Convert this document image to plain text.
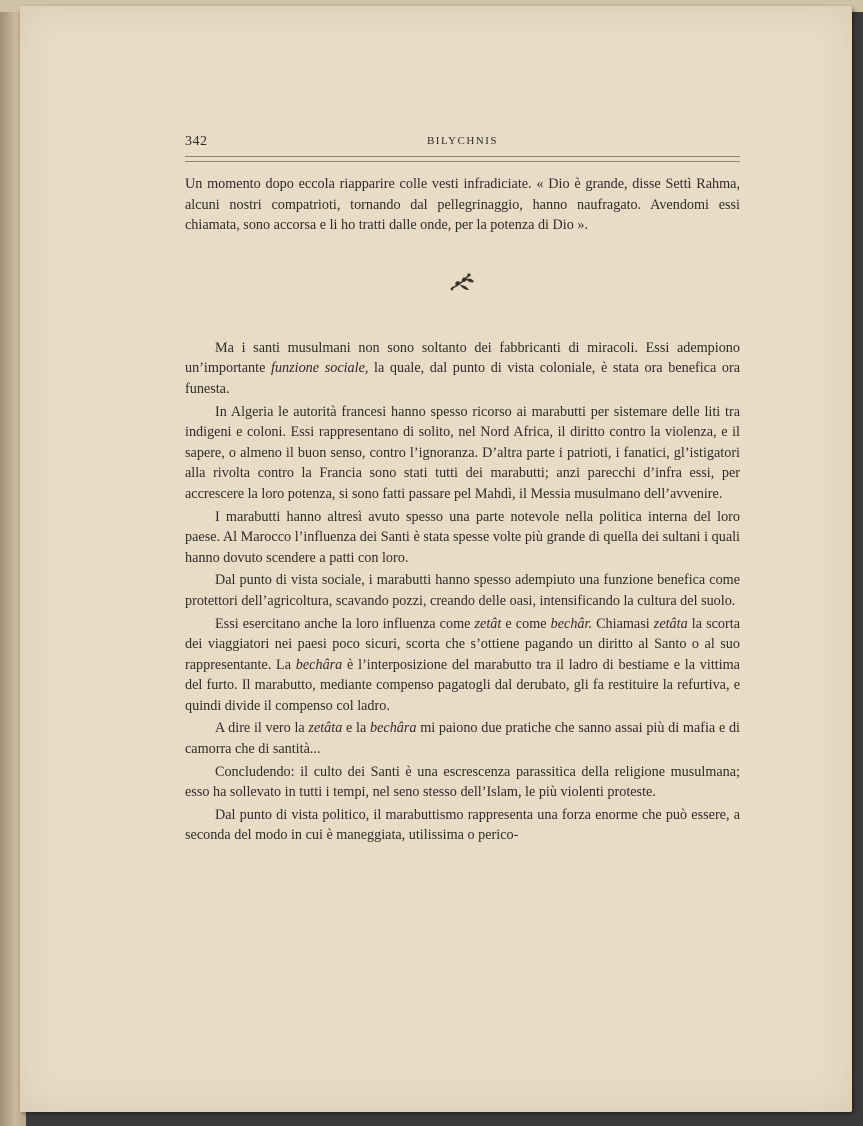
342	BILYCHNIS

Un momento dopo eccola riapparire colle vesti infradiciate. « Dio è grande, disse Settì Rahma, alcuni nostri compatrioti, tornando dal pellegrinaggio, hanno naufragato. Avendomi essi chiamata, sono accorsa e li ho tratti dalle onde, per la potenza di Dio ».

Ma i santi musulmani non sono soltanto dei fabbricanti di miracoli. Essi adempiono un’importante funzione sociale, la quale, dal punto di vista coloniale, è stata ora benefica ora funesta.

In Algeria le autorità francesi hanno spesso ricorso ai marabutti per sistemare delle liti tra indigeni e coloni. Essi rappresentano di solito, nel Nord Africa, il diritto contro la violenza, e il sapere, o almeno il buon senso, contro l’ignoranza. D’altra parte i patrioti, i fanatici, gl’istigatori alla rivolta contro la Francia sono stati tutti dei marabutti; anzi parecchi d’infra essi, per accrescere la loro potenza, si sono fatti passare pel Mahdì, il Messia musulmano dell’avvenire.

I marabutti hanno altresì avuto spesso una parte notevole nella politica interna del loro paese. Al Marocco l’influenza dei Santi è stata spesse volte più grande di quella dei sultani i quali hanno dovuto scendere a patti con loro.

Dal punto di vista sociale, i marabutti hanno spesso adempiuto una funzione benefica come protettori dell’agricoltura, scavando pozzi, creando delle oasi, intensificando la cultura del suolo.

Essi esercitano anche la loro influenza come zetât e come bechâr. Chiamasi zetâta la scorta dei viaggiatori nei paesi poco sicuri, scorta che s’ottiene pagando un diritto al Santo o al suo rappresentante. La bechâra è l’interposizione del marabutto tra il ladro di bestiame e la vittima del furto. Il marabutto, mediante compenso pagatogli dal derubato, gli fa restituire la refurtiva, e quindi divide il compenso col ladro.

A dire il vero la zetâta e la bechâra mi paiono due pratiche che sanno assai più di mafia e di camorra che di santità...

Concludendo: il culto dei Santi è una escrescenza parassitica della religione musulmana; esso ha sollevato in tutti i tempi, nel seno stesso dell’Islam, le più violenti proteste.

Dal punto di vista politico, il marabuttismo rappresenta una forza enorme che può essere, a seconda del modo in cui è maneggiata, utilissima o perico-
